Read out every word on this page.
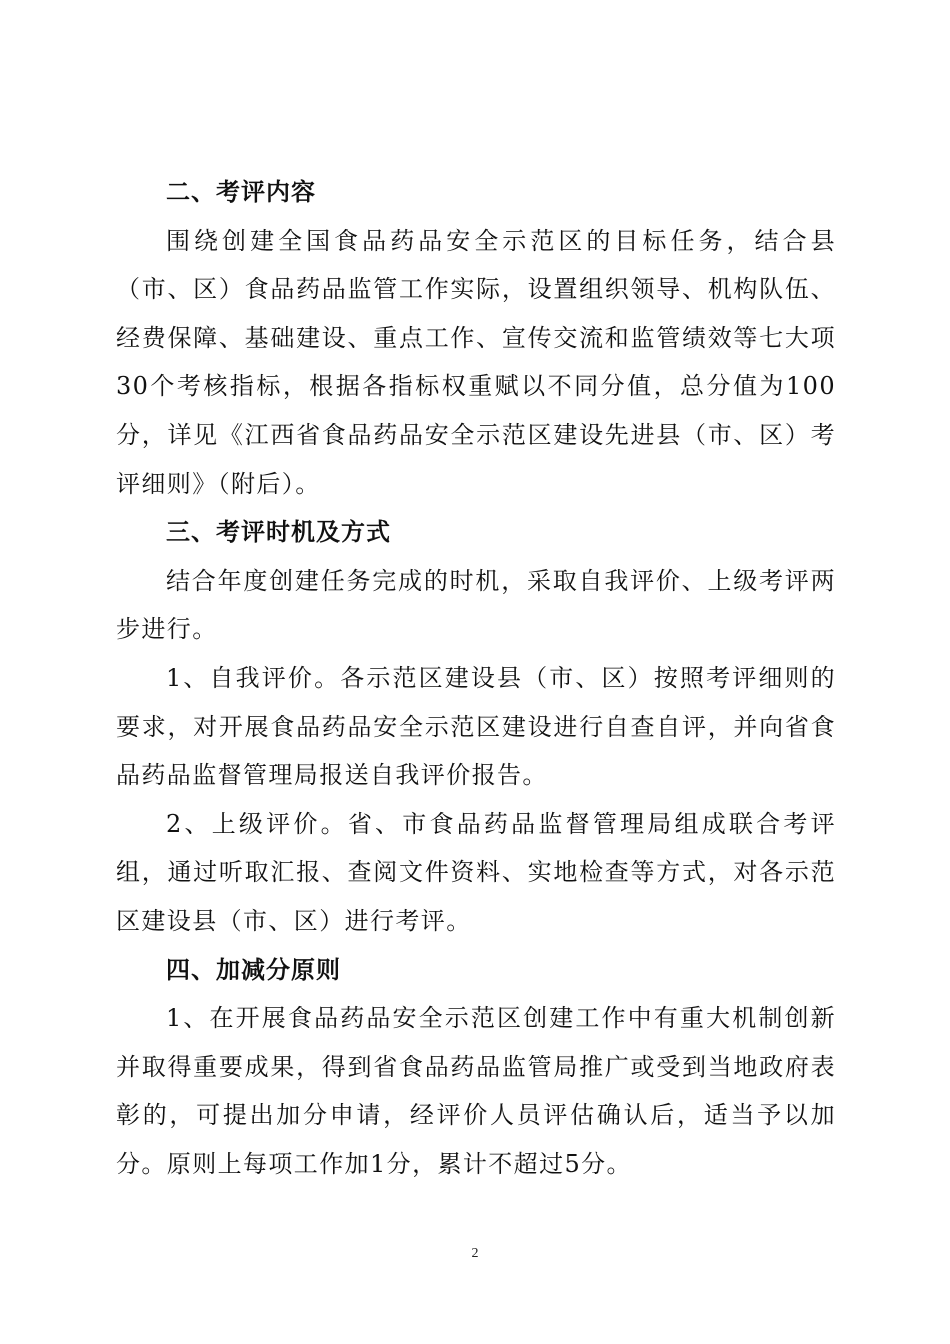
二、考评内容

围绕创建全国食品药品安全示范区的目标任务，结合县（市、区）食品药品监管工作实际，设置组织领导、机构队伍、经费保障、基础建设、重点工作、宣传交流和监管绩效等七大项30个考核指标，根据各指标权重赋以不同分值，总分值为100分，详见《江西省食品药品安全示范区建设先进县（市、区）考评细则》（附后）。

三、考评时机及方式

结合年度创建任务完成的时机，采取自我评价、上级考评两步进行。

1、自我评价。各示范区建设县（市、区）按照考评细则的要求，对开展食品药品安全示范区建设进行自查自评，并向省食品药品监督管理局报送自我评价报告。

2、上级评价。省、市食品药品监督管理局组成联合考评组，通过听取汇报、查阅文件资料、实地检查等方式，对各示范区建设县（市、区）进行考评。

四、加减分原则

1、在开展食品药品安全示范区创建工作中有重大机制创新并取得重要成果，得到省食品药品监管局推广或受到当地政府表彰的，可提出加分申请，经评价人员评估确认后，适当予以加分。原则上每项工作加1分，累计不超过5分。

2
